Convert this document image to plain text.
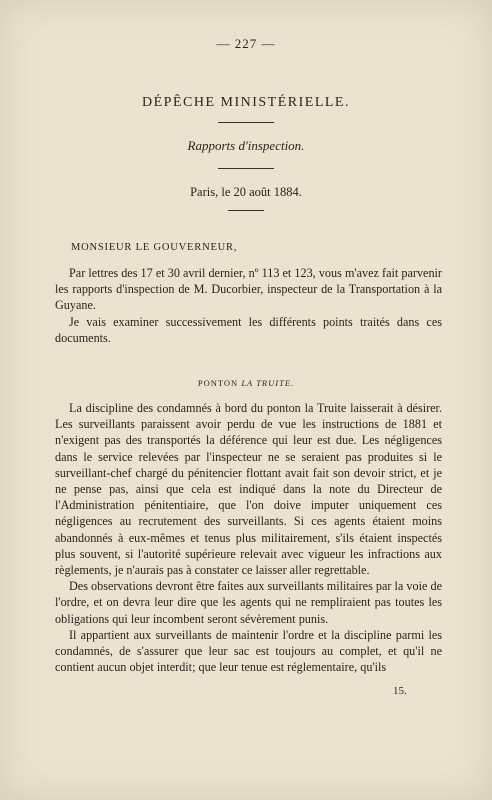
— 227 —
DÉPÊCHE MINISTÉRIELLE.
Rapports d'inspection.
Paris, le 20 août 1884.
MONSIEUR LE GOUVERNEUR,

Par lettres des 17 et 30 avril dernier, nº 113 et 123, vous m'avez fait parvenir les rapports d'inspection de M. Ducorbier, inspecteur de la Transportation à la Guyane.

Je vais examiner successivement les différents points traités dans ces documents.

PONTON LA TRUITE.

La discipline des condamnés à bord du ponton la Truite laisserait à désirer. Les surveillants paraissent avoir perdu de vue les instructions de 1881 et n'exigent pas des transportés la déférence qui leur est due. Les négligences dans le service relevées par l'inspecteur ne se seraient pas produites si le surveillant-chef chargé du pénitencier flottant avait fait son devoir strict, et je ne pense pas, ainsi que cela est indiqué dans la note du Directeur de l'Administration pénitentiaire, que l'on doive imputer uniquement ces négligences au recrutement des surveillants. Si ces agents étaient moins abandonnés à eux-mêmes et tenus plus militairement, s'ils étaient inspectés plus souvent, si l'autorité supérieure relevait avec vigueur les infractions aux règlements, je n'aurais pas à constater ce laisser aller regrettable.

Des observations devront être faites aux surveillants militaires par la voie de l'ordre, et on devra leur dire que les agents qui ne rempliraient pas toutes les obligations qui leur incombent seront sévèrement punis.

Il appartient aux surveillants de maintenir l'ordre et la discipline parmi les condamnés, de s'assurer que leur sac est toujours au complet, et qu'il ne contient aucun objet interdit; que leur tenue est réglementaire, qu'ils

15.
